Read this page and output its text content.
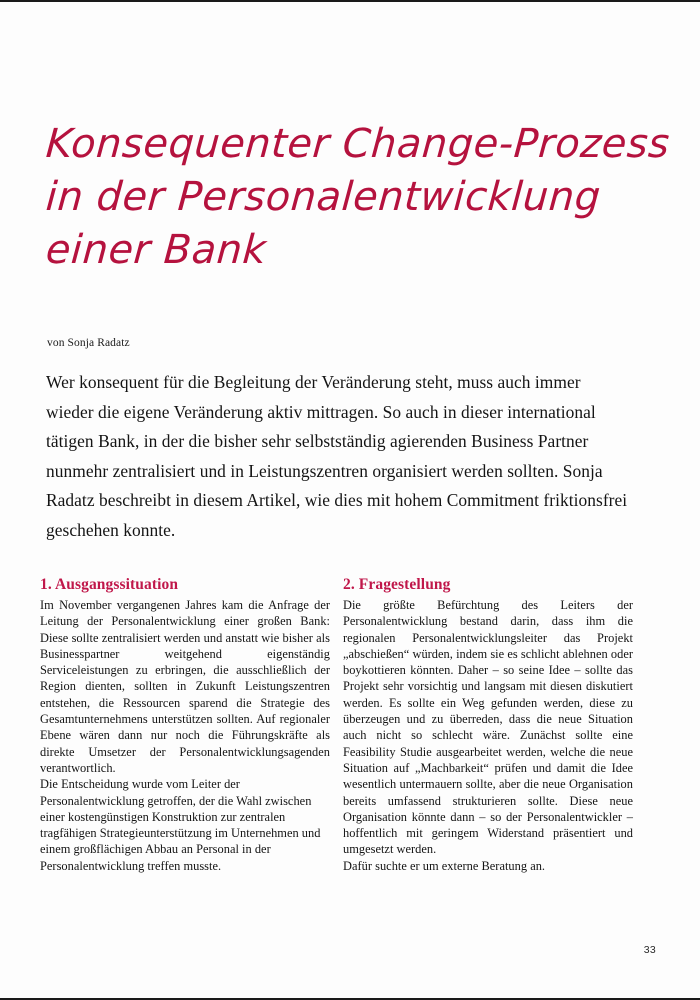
Konsequenter Change-Prozess
in der Personalentwicklung
einer Bank
von Sonja Radatz
Wer konsequent für die Begleitung der Veränderung steht, muss auch immer wieder die eigene Veränderung aktiv mittragen. So auch in dieser international tätigen Bank, in der die bisher sehr selbstständig agierenden Business Partner nunmehr zentralisiert und in Leistungszentren organisiert werden sollten. Sonja Radatz beschreibt in diesem Artikel, wie dies mit hohem Commitment friktionsfrei geschehen konnte.
1. Ausgangssituation

Im November vergangenen Jahres kam die Anfrage der Leitung der Personalentwicklung einer großen Bank: Diese sollte zentralisiert werden und anstatt wie bisher als Businesspartner weitgehend eigenständig Serviceleistungen zu erbringen, die ausschließlich der Region dienten, sollten in Zukunft Leistungszentren entstehen, die Ressourcen sparend die Strategie des Gesamtunternehmens unterstützen sollten. Auf regionaler Ebene wären dann nur noch die Führungskräfte als direkte Umsetzer der Personalentwicklungsagenden verantwortlich.

Die Entscheidung wurde vom Leiter der Personalentwicklung getroffen, der die Wahl zwischen einer kostengünstigen Konstruktion zur zentralen tragfähigen Strategieunterstützung im Unternehmen und einem großflächigen Abbau an Personal in der Personalentwicklung treffen musste.

2. Fragestellung

Die größte Befürchtung des Leiters der Personalentwicklung bestand darin, dass ihm die regionalen Personalentwicklungsleiter das Projekt „abschießen“ würden, indem sie es schlicht ablehnen oder boykottieren könnten. Daher – so seine Idee – sollte das Projekt sehr vorsichtig und langsam mit diesen diskutiert werden. Es sollte ein Weg gefunden werden, diese zu überzeugen und zu überreden, dass die neue Situation auch nicht so schlecht wäre. Zunächst sollte eine Feasibility Studie ausgearbeitet werden, welche die neue Situation auf „Machbarkeit“ prüfen und damit die Idee wesentlich untermauern sollte, aber die neue Organisation bereits umfassend strukturieren sollte. Diese neue Organisation könnte dann – so der Personalentwickler – hoffentlich mit geringem Widerstand präsentiert und umgesetzt werden.

Dafür suchte er um externe Beratung an.

33
